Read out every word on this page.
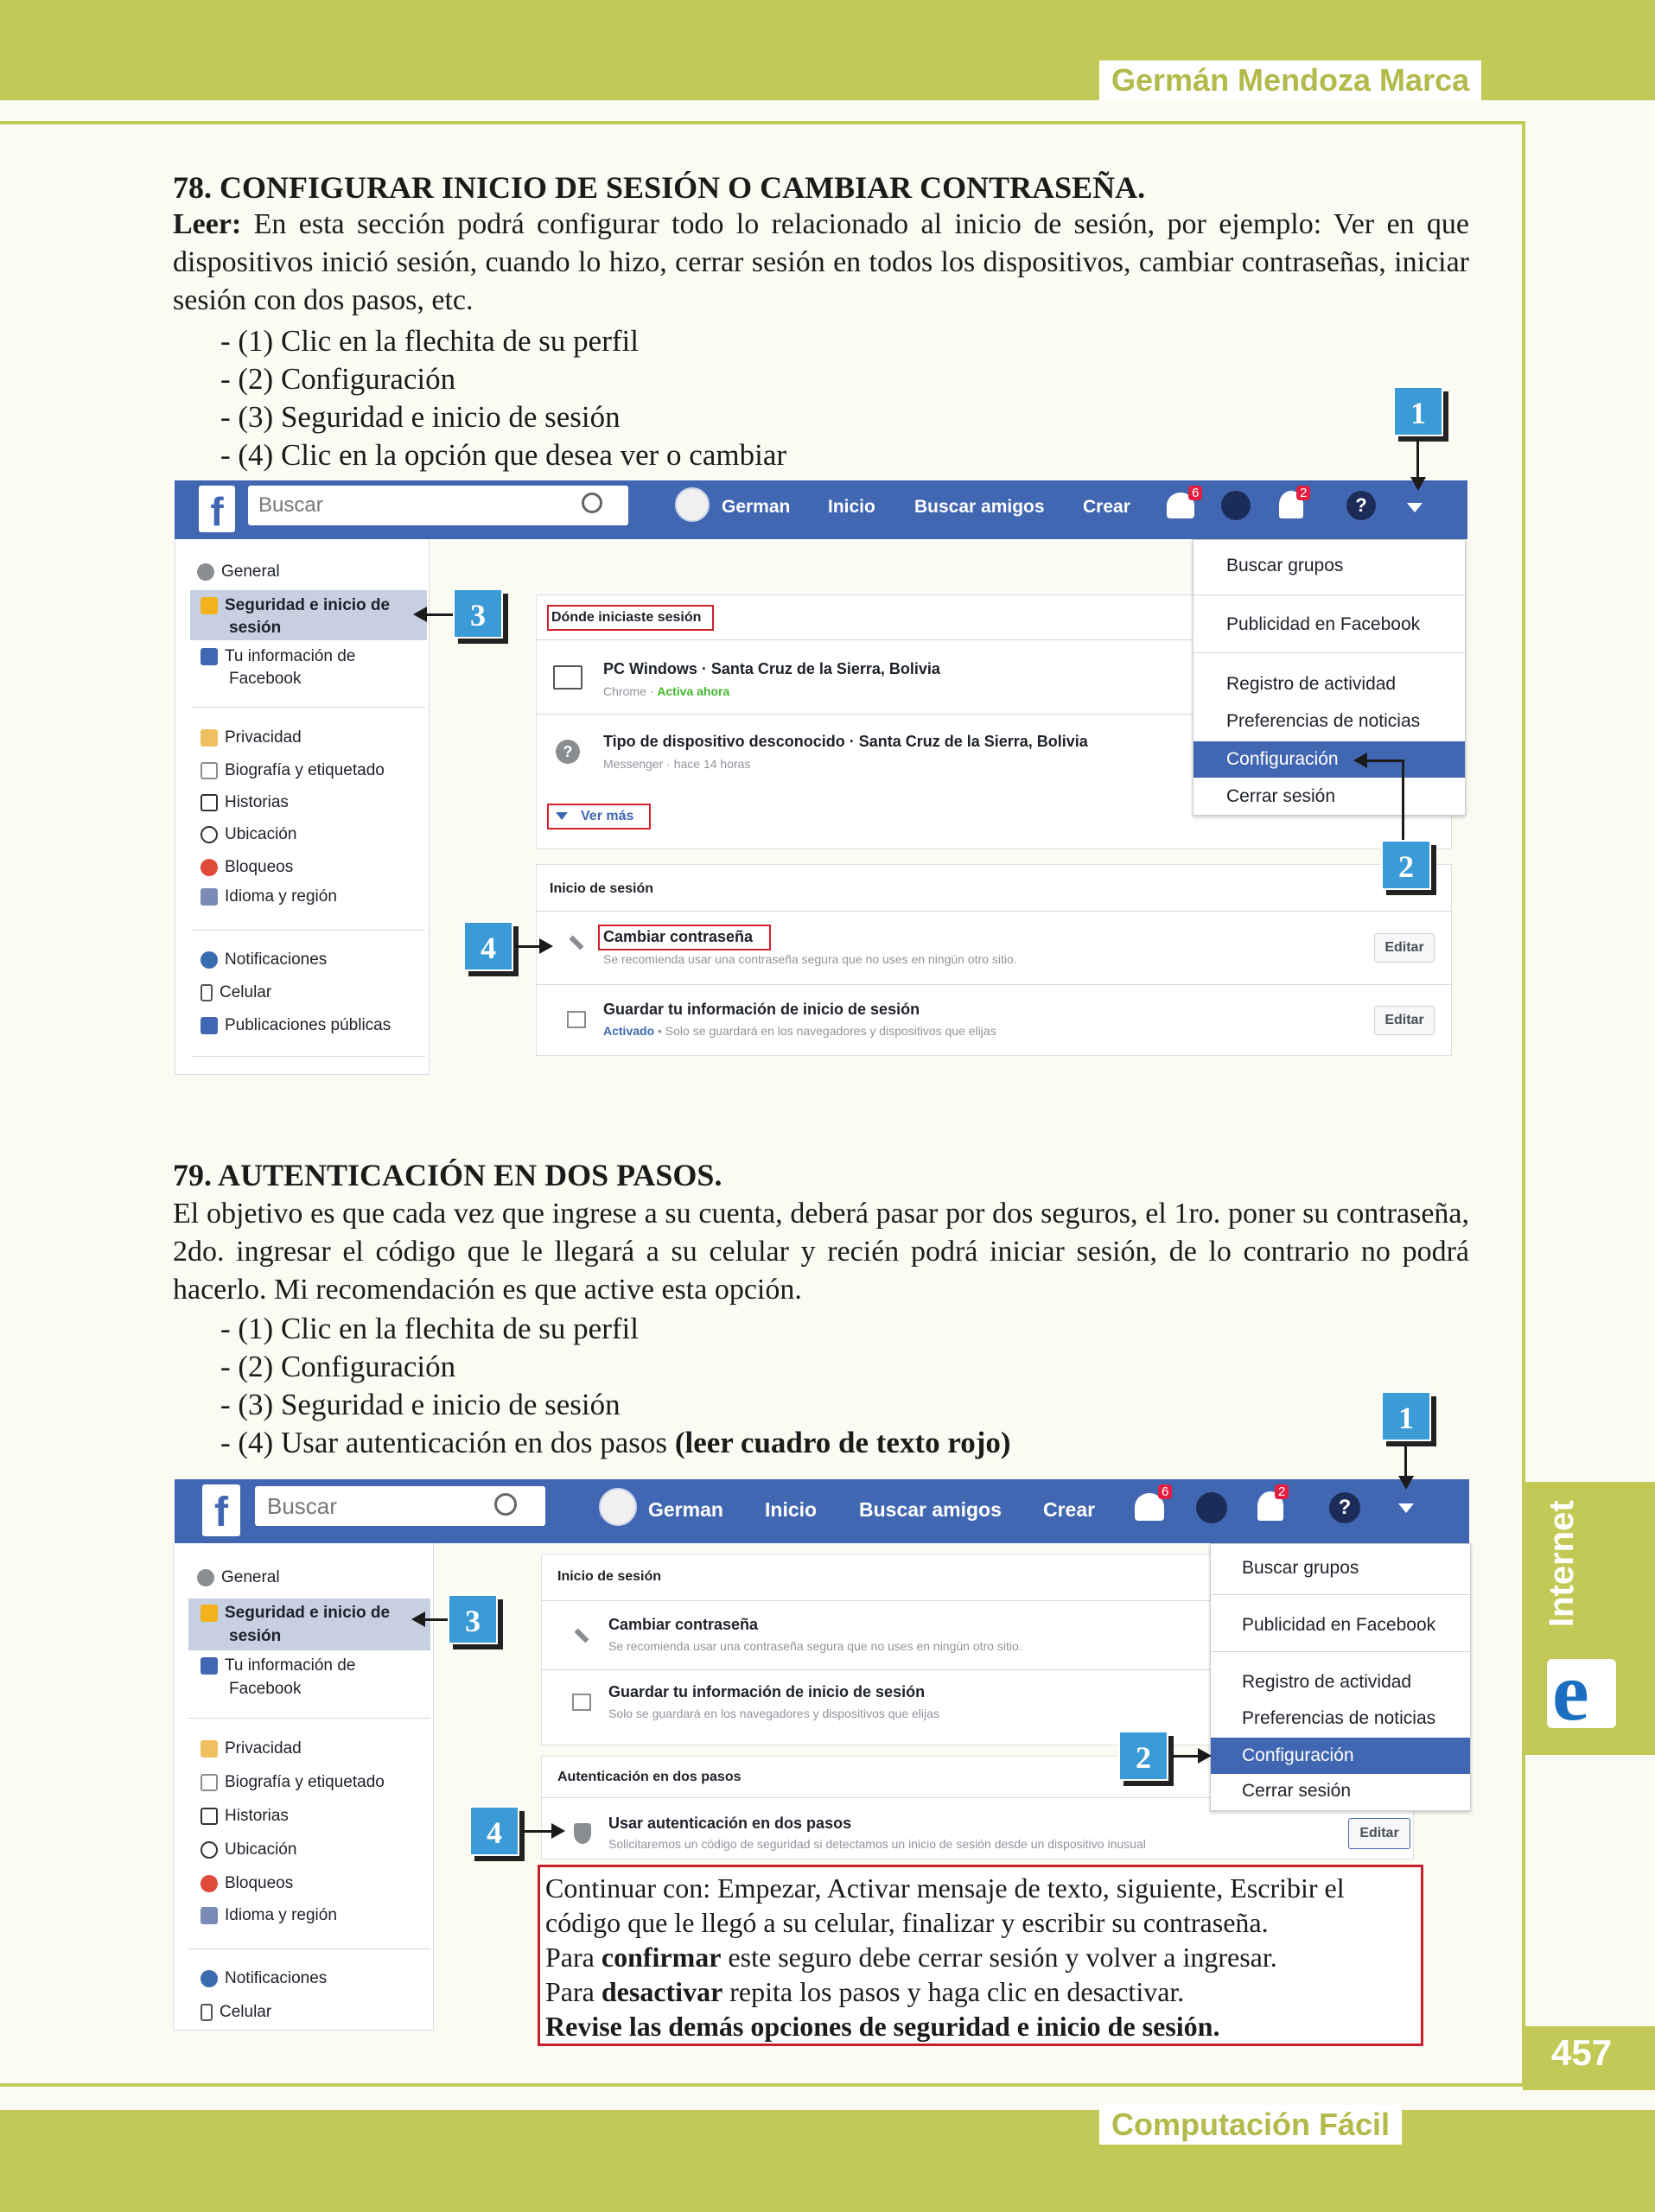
Germán Mendoza Marca
Internet
e
457
Computación Fácil
78. CONFIGURAR INICIO DE SESIÓN O CAMBIAR CONTRASEÑA.
Leer: En esta sección podrá configurar todo lo relacionado al inicio de sesión, por ejemplo: Ver en que dispositivos inició sesión, cuando lo hizo, cerrar sesión en todos los dispositivos, cambiar contraseñas, iniciar sesión con dos pasos, etc.
- (1) Clic en la flechita de su perfil
- (2) Configuración
- (3) Seguridad e inicio de sesión
- (4) Clic en la opción que desea ver o cambiar
f	Buscar	German Inicio Buscar amigos Crear
6	2
?
General
Seguridad e inicio de
sesión
Tu información de
Facebook
Privacidad
Biografía y etiquetado
Historias
Ubicación
Bloqueos
Idioma y región
Notificaciones
Celular
Publicaciones públicas
Dónde iniciaste sesión
PC Windows · Santa Cruz de la Sierra, Bolivia
Chrome · Activa ahora
?
Tipo de dispositivo desconocido · Santa Cruz de la Sierra, Bolivia
Messenger · hace 14 horas
Ver más
Inicio de sesión
Cambiar contraseña
Se recomienda usar una contraseña segura que no uses en ningún otro sitio.
Editar
Guardar tu información de inicio de sesión
Activado • Solo se guardará en los navegadores y dispositivos que elijas
Editar
Buscar grupos
Publicidad en Facebook
Registro de actividad
Preferencias de noticias
Configuración
Cerrar sesión
1
2
3
4
79. AUTENTICACIÓN EN DOS PASOS.
El objetivo es que cada vez que ingrese a su cuenta, deberá pasar por dos seguros, el 1ro. poner su contraseña, 2do. ingresar el código que le llegará a su celular y recién podrá iniciar sesión, de lo contrario no podrá hacerlo. Mi recomendación es que active esta opción.
- (1) Clic en la flechita de su perfil
- (2) Configuración
- (3) Seguridad e inicio de sesión
- (4) Usar autenticación en dos pasos (leer cuadro de texto rojo)
f	Buscar	German Inicio Buscar amigos Crear
6	2
?
General
Seguridad e inicio de
sesión
Tu información de
Facebook
Privacidad
Biografía y etiquetado
Historias
Ubicación
Bloqueos
Idioma y región
Notificaciones
Celular
Inicio de sesión
Cambiar contraseña
Se recomienda usar una contraseña segura que no uses en ningún otro sitio.
Guardar tu información de inicio de sesión
Solo se guardará en los navegadores y dispositivos que elijas
Autenticación en dos pasos
Usar autenticación en dos pasos
Solicitaremos un código de seguridad si detectamos un inicio de sesión desde un dispositivo inusual
Editar
Buscar grupos
Publicidad en Facebook
Registro de actividad
Preferencias de noticias
Configuración
Cerrar sesión
1
2
3
4
Continuar con: Empezar, Activar mensaje de texto, siguiente, Escribir el código que le llegó a su celular, finalizar y escribir su contraseña.
Para confirmar este seguro debe cerrar sesión y volver a ingresar.
Para desactivar repita los pasos y haga clic en desactivar.
Revise las demás opciones de seguridad e inicio de sesión.
